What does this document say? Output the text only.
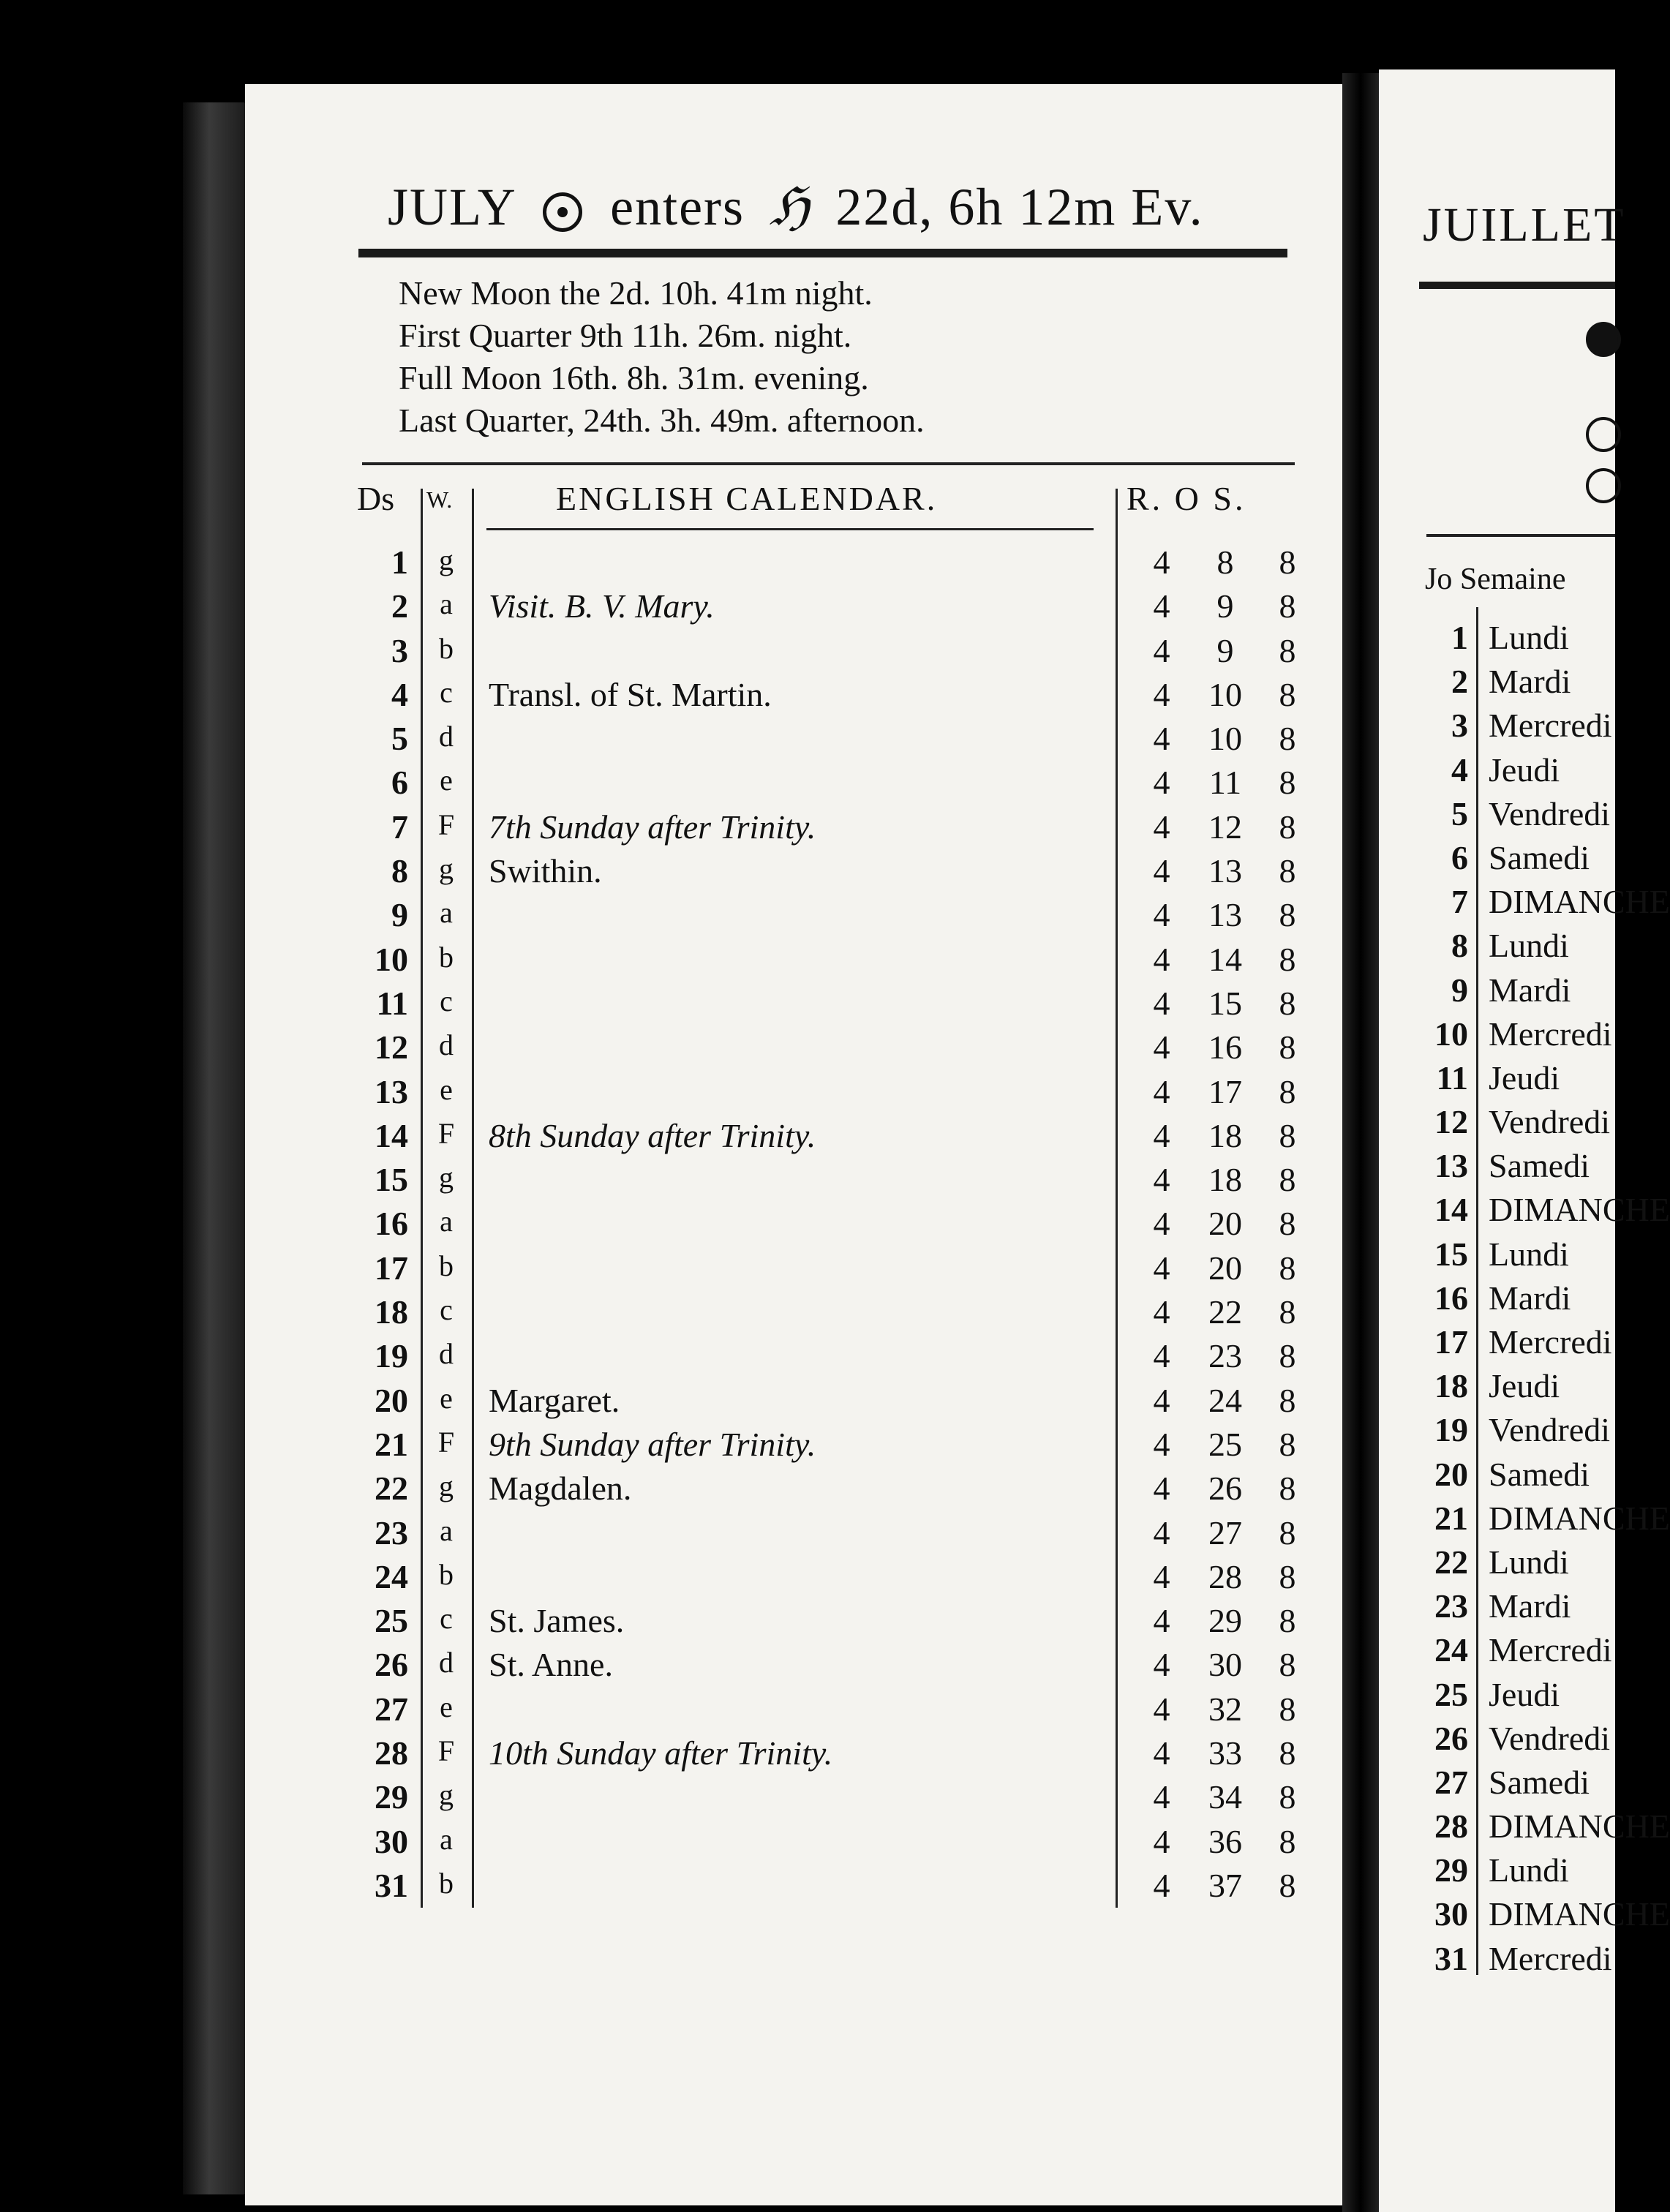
JULY enters ℌ 22d, 6h 12m Ev.
New Moon the 2d. 10h. 41m night.
First Quarter 9th 11h. 26m. night.
Full Moon 16th. 8h. 31m. evening.
Last Quarter, 24th. 3h. 49m. afternoon.
Ds W.	ENGLISH CALENDAR.	R. O S.
1 g	4	8	8
2 a Visit. B. V. Mary.	4	9	8
3 b	4	9	8
4 c Transl. of St. Martin.	4 10 8
5 d	4 10 8
6 e	4 11 8
7 F 7th Sunday after Trinity.	4 12 8
8 g Swithin.	4 13 8
9 a	4 13 8
10 b	4 14 8
11 c	4 15 8
12 d	4 16 8
13 e	4 17 8
14 F 8th Sunday after Trinity.	4 18 8
15 g	4 18 8
16 a	4 20 8
17 b	4 20 8
18 c	4 22 8
19 d	4 23 8
20 e Margaret.	4 24 8
21 F 9th Sunday after Trinity.	4 25 8
22 g Magdalen.	4 26 8
23 a	4 27 8
24 b	4 28 8
25 c St. James.	4 29 8
26 d St. Anne.	4 30 8
27 e	4 32 8
28 F 10th Sunday after Trinity.	4 33 8
29 g	4 34 8
30 a	4 36 8
31 b	4 37 8
JUILLET
Jo Semaine
1 Lundi
2 Mardi
3 Mercredi
4 Jeudi
5 Vendredi
6 Samedi
7 DIMANCHE
8 Lundi
9 Mardi
10 Mercredi
11 Jeudi
12 Vendredi
13 Samedi
14 DIMANCHE
15 Lundi
16 Mardi
17 Mercredi
18 Jeudi
19 Vendredi
20 Samedi
21 DIMANCHE
22 Lundi
23 Mardi
24 Mercredi
25 Jeudi
26 Vendredi
27 Samedi
28 DIMANCHE
29 Lundi
30 DIMANCHE
31 Mercredi
